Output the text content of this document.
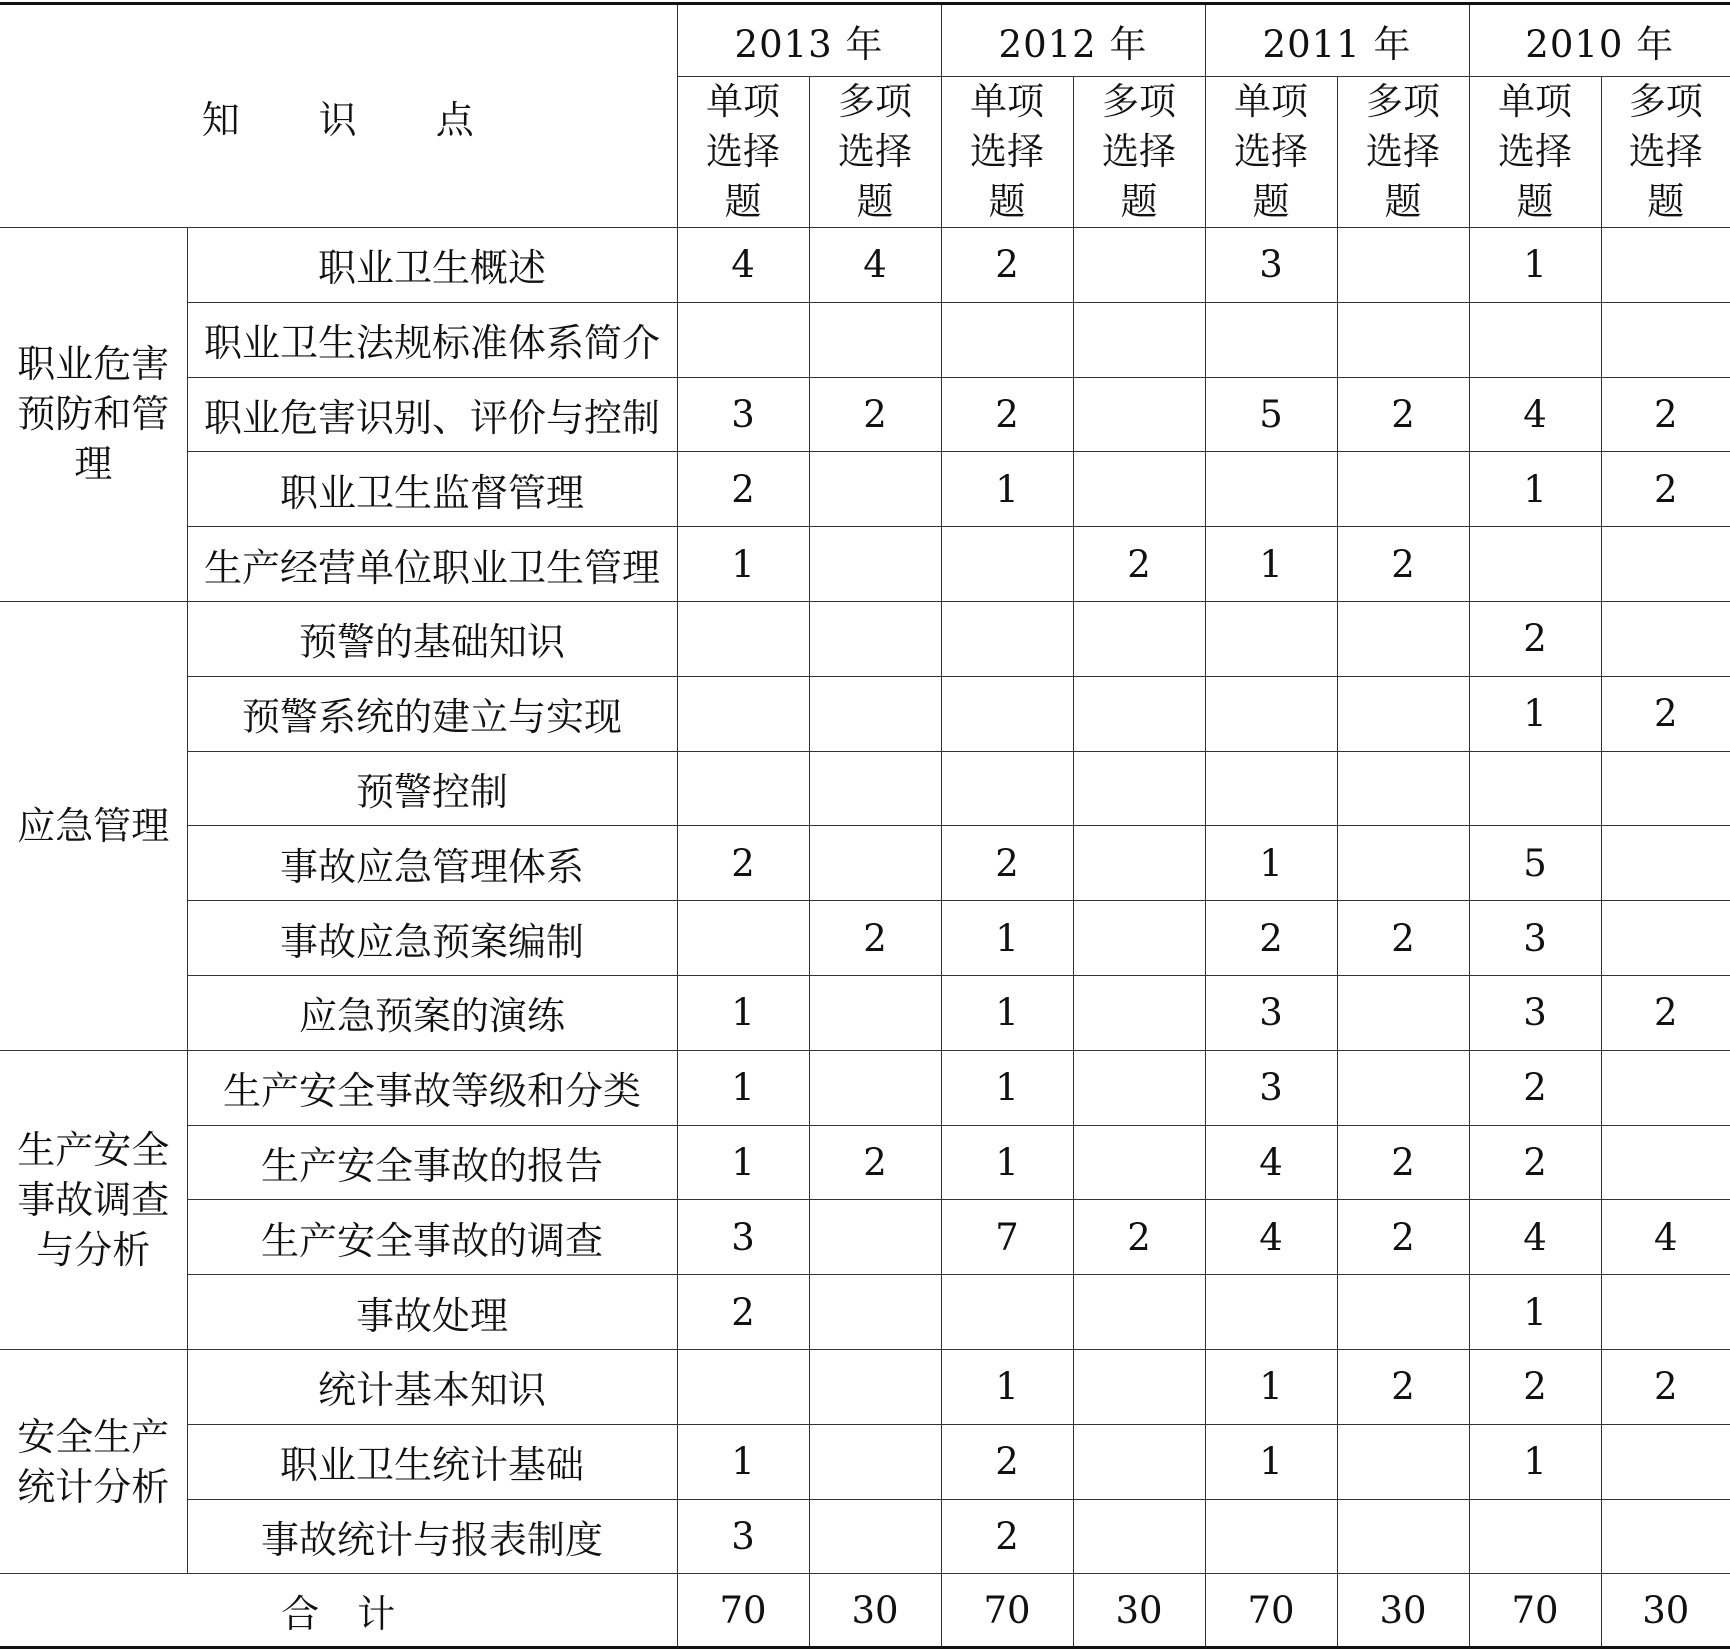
知　　识　　点		2013 年		2012 年		2011 年		2010 年	

		单项
选择
题	多项
选择
题	单项
选择
题	多项
选择
题	单项
选择
题	多项
选择
题	单项
选择
题	多项
选择
题

职业危害
预防和管
理	职业卫生概述	4	4	2		3		1	
	职业卫生法规标准体系简介								
	职业危害识别、评价与控制	3	2	2		5	2	4	2
	职业卫生监督管理	2		1				1	2
	生产经营单位职业卫生管理	1			2	1	2		
应急管理	预警的基础知识							2	
	预警系统的建立与实现							1	2
	预警控制								
	事故应急管理体系	2		2		1		5	
	事故应急预案编制		2	1		2	2	3	
	应急预案的演练	1		1		3		3	2

生产安全
事故调查
与分析	生产安全事故等级和分类	1		1		3		2	
	生产安全事故的报告	1	2	1		4	2	2	
	生产安全事故的调查	3		7	2	4	2	4	4
	事故处理	2						1	

安全生产
统计分析	统计基本知识			1		1	2	2	2
	职业卫生统计基础	1		2		1		1	
	事故统计与报表制度	3		2					
合　计		70	30	70	30	70	30	70	30
